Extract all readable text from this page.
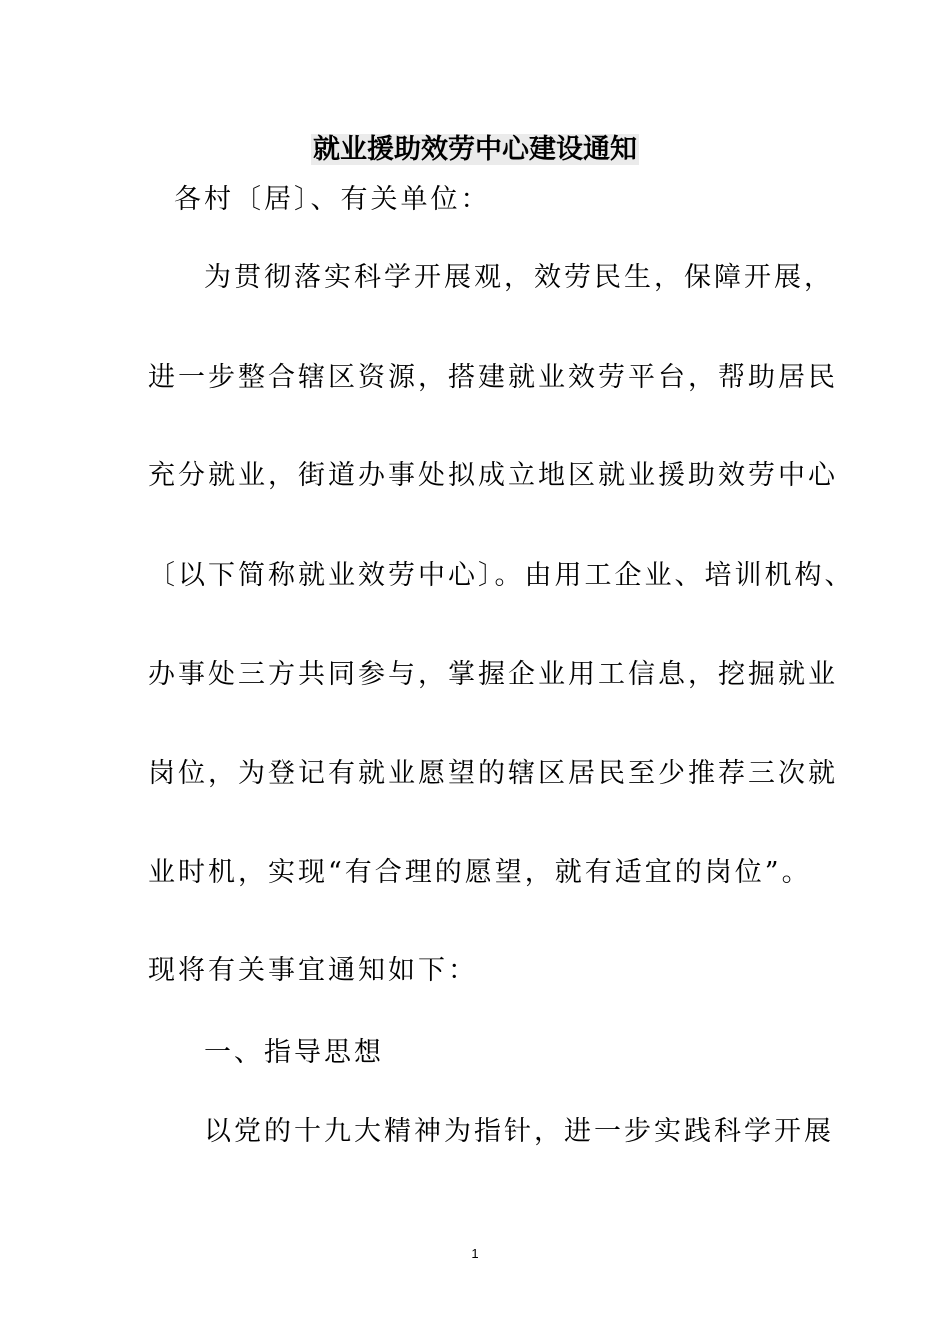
就业援助效劳中心建设通知
各村〔居〕、有关单位：
为贯彻落实科学开展观，效劳民生，保障开展，
进一步整合辖区资源，搭建就业效劳平台，帮助居民
充分就业，街道办事处拟成立地区就业援助效劳中心
〔以下简称就业效劳中心〕。由用工企业、培训机构、
办事处三方共同参与，掌握企业用工信息，挖掘就业
岗位，为登记有就业愿望的辖区居民至少推荐三次就
业时机，实现“有合理的愿望，就有适宜的岗位”。
现将有关事宜通知如下：
一、指导思想
以党的十九大精神为指针，进一步实践科学开展
1
